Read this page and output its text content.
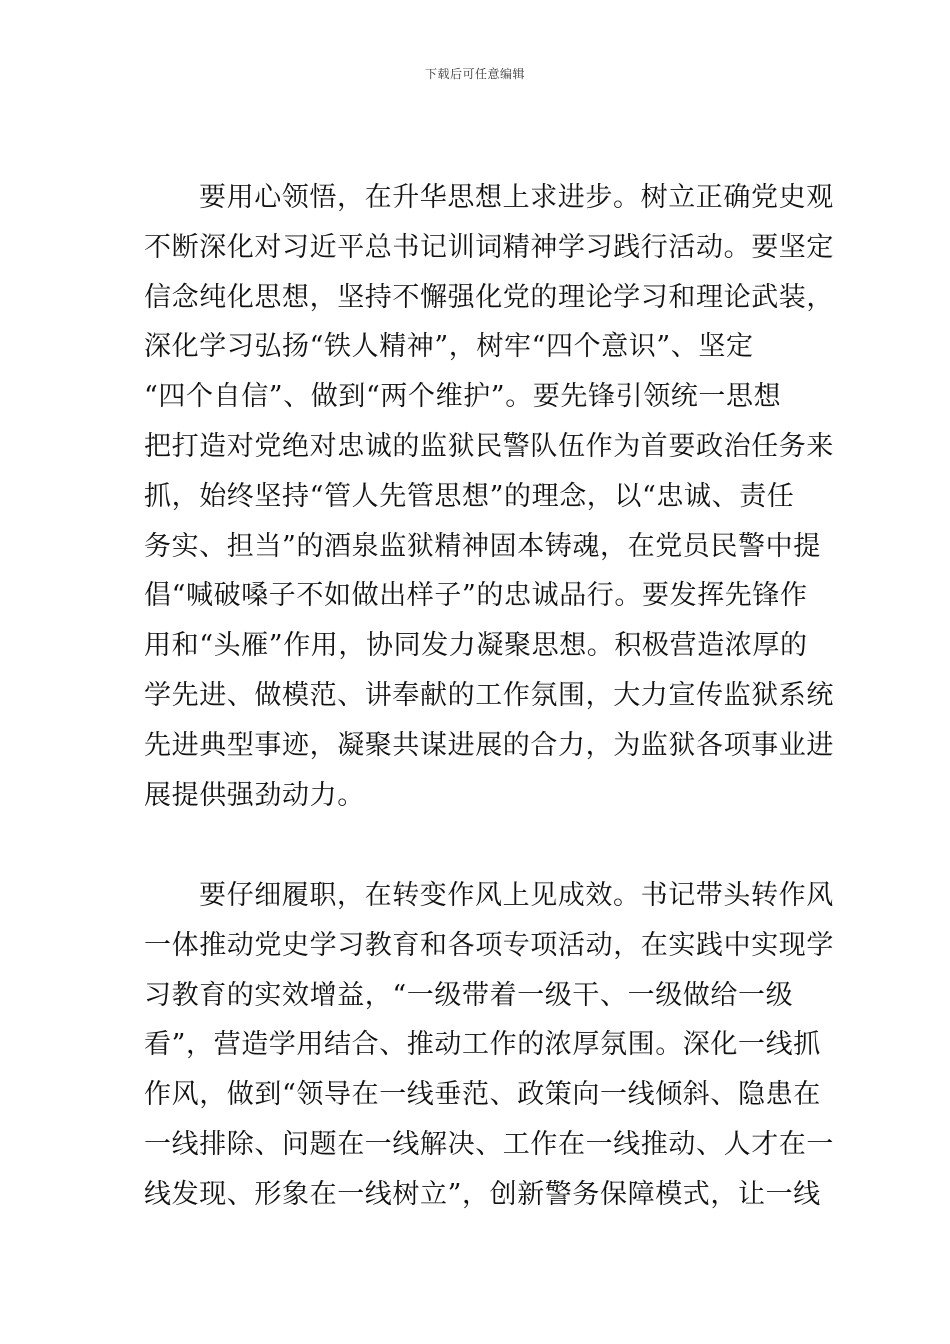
下载后可任意编辑

要用心领悟，在升华思想上求进步。树立正确党史观
不断深化对习近平总书记训词精神学习践行活动。要坚定
信念纯化思想，坚持不懈强化党的理论学习和理论武装，
深化学习弘扬“铁人精神”，树牢“四个意识”、坚定
“四个自信”、做到“两个维护”。要先锋引领统一思想
把打造对党绝对忠诚的监狱民警队伍作为首要政治任务来
抓，始终坚持“管人先管思想”的理念，以“忠诚、责任
务实、担当”的酒泉监狱精神固本铸魂，在党员民警中提
倡“喊破嗓子不如做出样子”的忠诚品行。要发挥先锋作
用和“头雁”作用，协同发力凝聚思想。积极营造浓厚的
学先进、做模范、讲奉献的工作氛围，大力宣传监狱系统
先进典型事迹，凝聚共谋进展的合力，为监狱各项事业进
展提供强劲动力。

要仔细履职，在转变作风上见成效。书记带头转作风
一体推动党史学习教育和各项专项活动，在实践中实现学
习教育的实效增益，“一级带着一级干、一级做给一级
看”，营造学用结合、推动工作的浓厚氛围。深化一线抓
作风，做到“领导在一线垂范、政策向一线倾斜、隐患在
一线排除、问题在一线解决、工作在一线推动、人才在一
线发现、形象在一线树立”，创新警务保障模式，让一线
